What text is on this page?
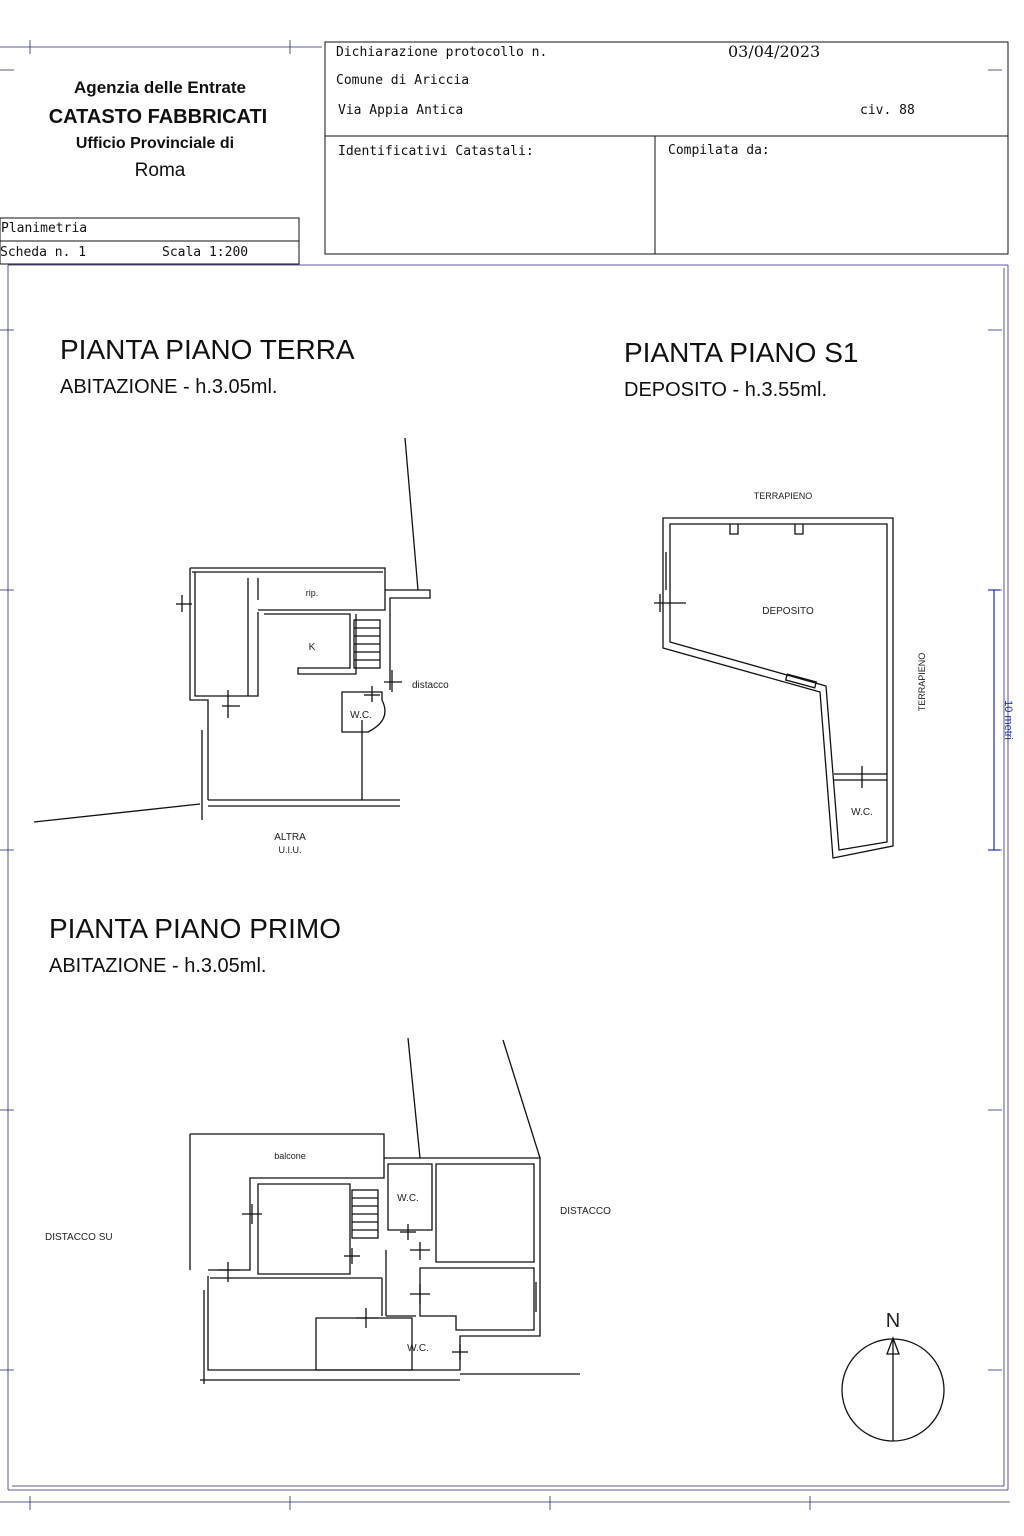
rip.
K
distacco
W.C.
ALTRA
U.I.U.
TERRAPIENO
DEPOSITO
TERRAPIENO
W.C.
10 metri
balcone
W.C.
W.C.
DISTACCO
DISTACCO SU
N
Agenzia delle Entrate
CATASTO FABBRICATI
Ufficio Provinciale di
Roma
Dichiarazione protocollo n.	03/04/2023
Comune di Ariccia
Via Appia Antica	civ. 88
Identificativi Catastali:	Compilata da:
Planimetria
Scheda n. 1	Scala 1:200
PIANTA PIANO TERRA
ABITAZIONE - h.3.05ml.
PIANTA PIANO S1
DEPOSITO - h.3.55ml.
PIANTA PIANO PRIMO
ABITAZIONE - h.3.05ml.
